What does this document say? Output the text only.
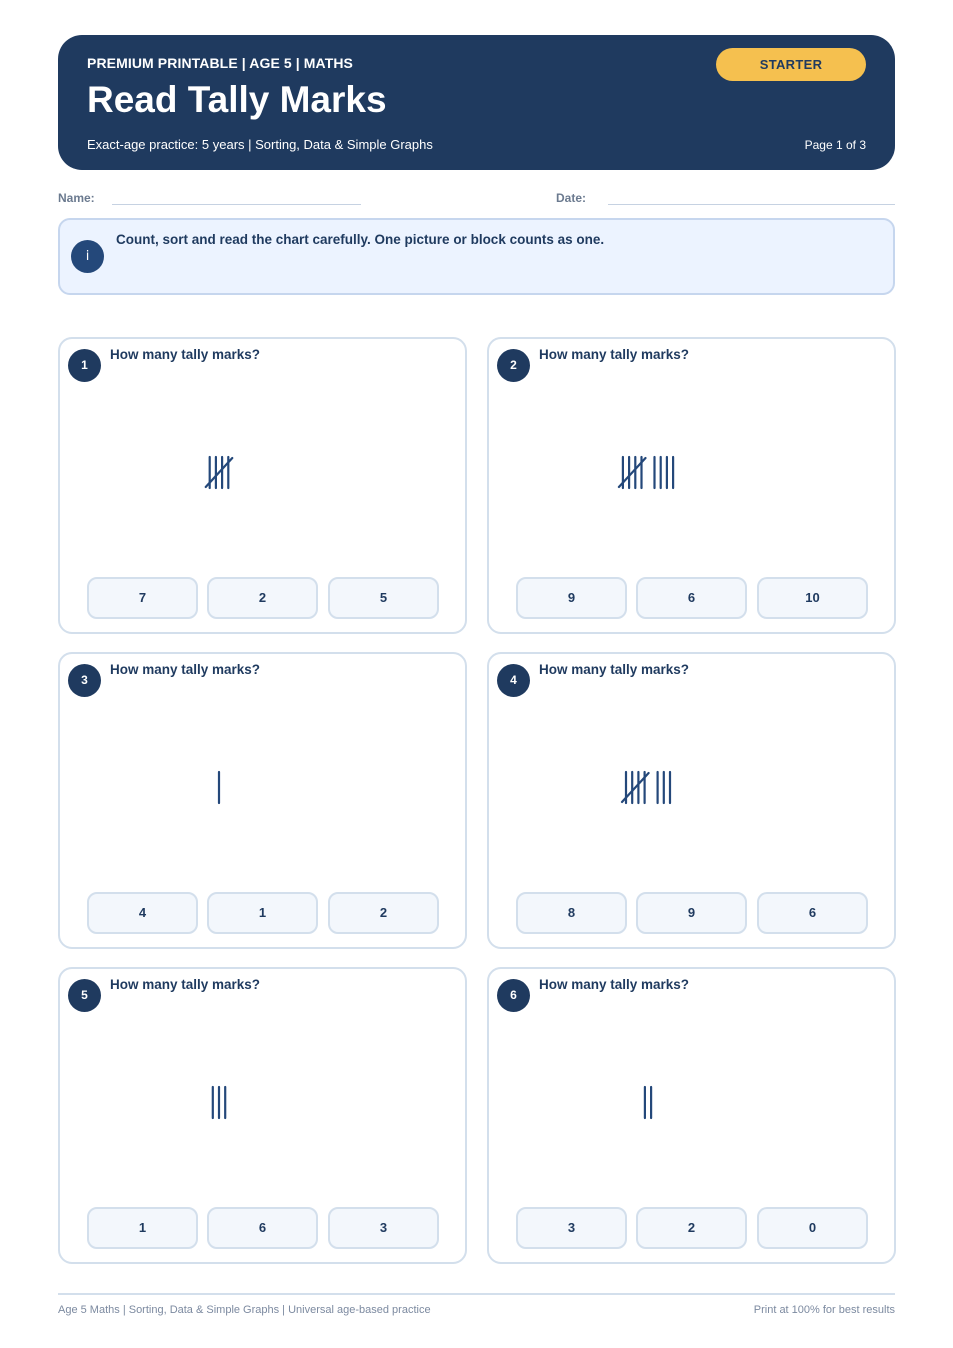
PREMIUM PRINTABLE | AGE 5 | MATHS
Read Tally Marks
Exact-age practice: 5 years | Sorting, Data & Simple Graphs	Page 1 of 3
STARTER
Name:	Date:
i
Count, sort and read the chart carefully. One picture or block counts as one.
1
How many tally marks?
7	2	5
2
How many tally marks?
9	6	10
3
How many tally marks?
4	1	2
4
How many tally marks?
8	9	6
5
How many tally marks?
1	6	3
6
How many tally marks?
3	2	0
Age 5 Maths | Sorting, Data & Simple Graphs | Universal age-based practice	Print at 100% for best results
